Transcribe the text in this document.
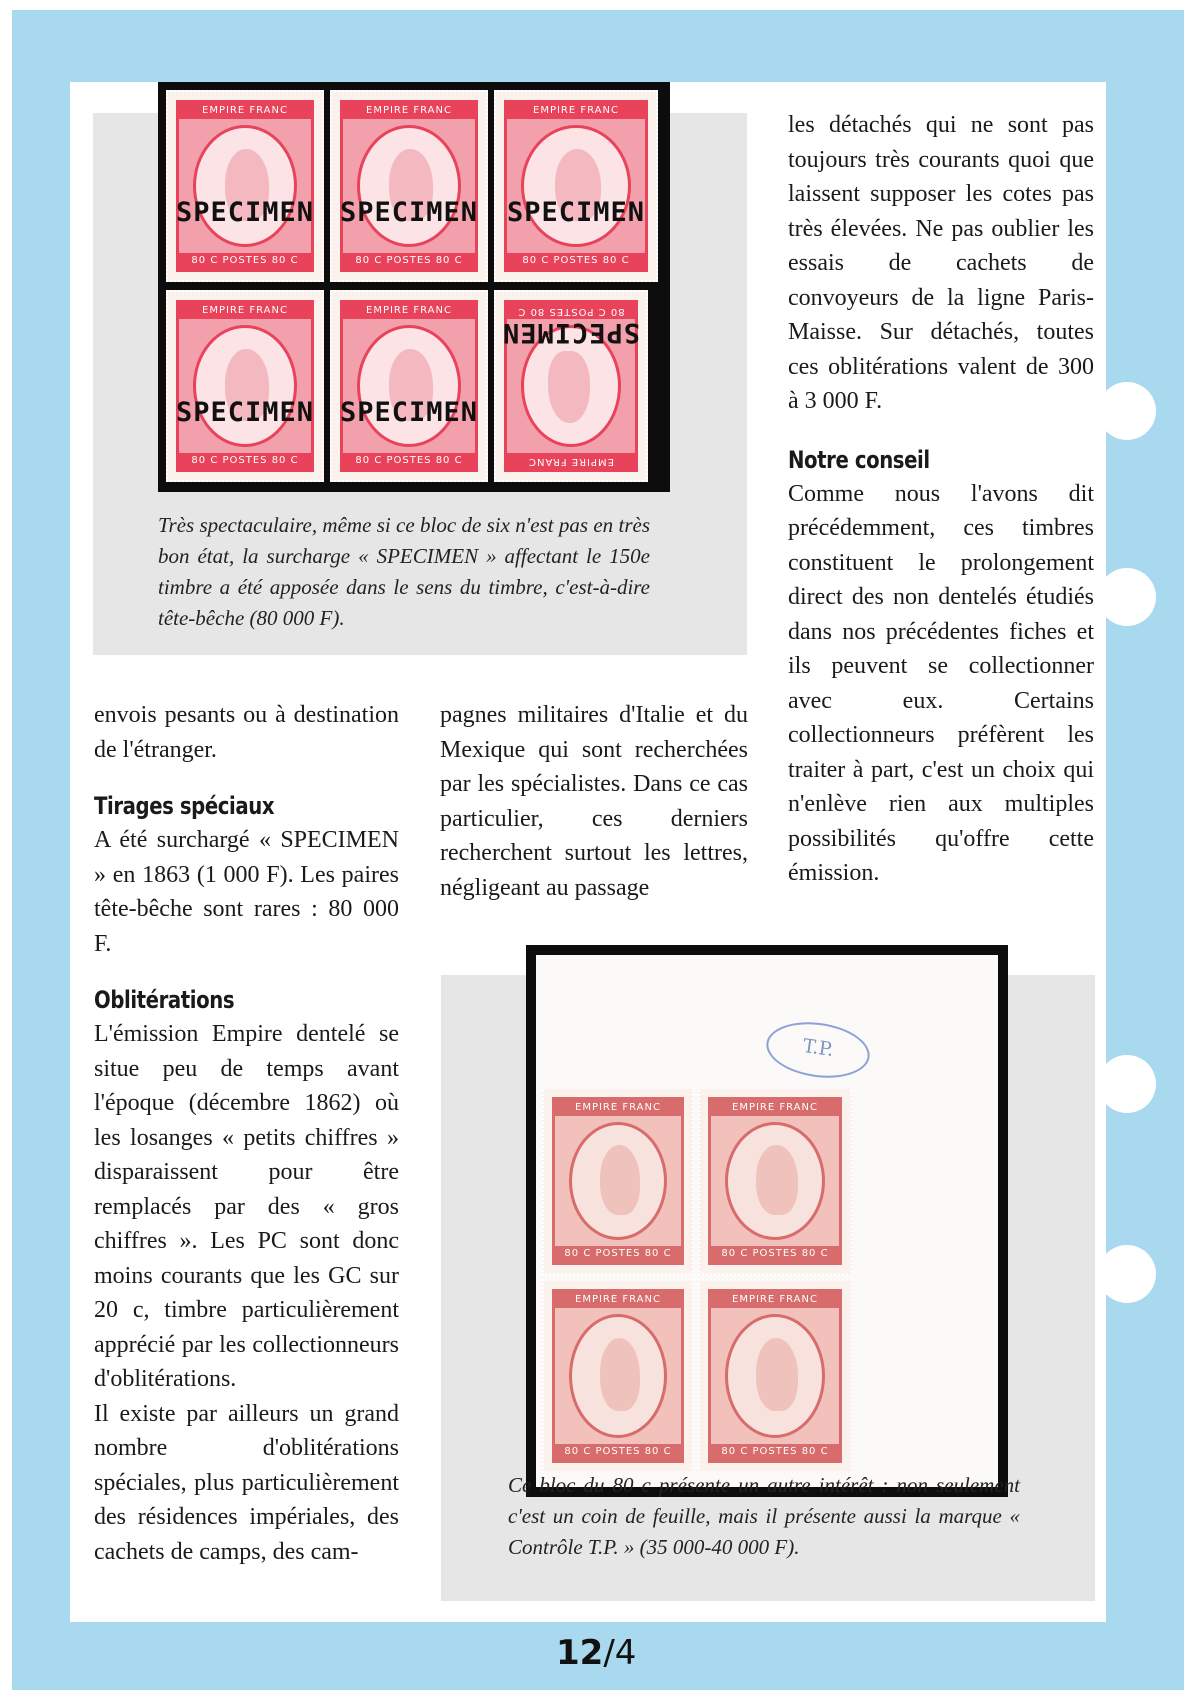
EMPIRE FRANC
80 C POSTES 80 C
SPECIMEN
EMPIRE FRANC
80 C POSTES 80 C
SPECIMEN
EMPIRE FRANC
80 C POSTES 80 C
SPECIMEN
EMPIRE FRANC
80 C POSTES 80 C
SPECIMEN
EMPIRE FRANC
80 C POSTES 80 C
SPECIMEN
EMPIRE FRANC
80 C POSTES 80 C
SPECIMEN
Très spectaculaire, même si ce bloc de six n'est pas en très bon état, la surcharge « SPECIMEN » affectant le 150e timbre a été apposée dans le sens du timbre, c'est-à-dire tête-bêche (80 000 F).

envois pesants ou à destination de l'étranger.

Tirages spéciaux

A été surchargé « SPECIMEN » en 1863 (1 000 F). Les paires tête-bêche sont rares : 80 000 F.

Oblitérations

L'émission Empire dentelé se situe peu de temps avant l'époque (décembre 1862) où les losanges « petits chiffres » disparaissent pour être remplacés par des « gros chiffres ». Les PC sont donc moins courants que les GC sur 20 c, timbre particulièrement apprécié par les collectionneurs d'oblitérations.

Il existe par ailleurs un grand nombre d'oblitérations spéciales, plus particulièrement des résidences impériales, des cachets de camps, des cam-

pagnes militaires d'Italie et du Mexique qui sont recherchées par les spécialistes. Dans ce cas particulier, ces derniers recherchent surtout les lettres, négligeant au passage

les détachés qui ne sont pas toujours très courants quoi que laissent supposer les cotes pas très élevées. Ne pas oublier les essais de cachets de convoyeurs de la ligne Paris-Maisse. Sur détachés, toutes ces oblitérations valent de 300 à 3 000 F.

Notre conseil

Comme nous l'avons dit précédemment, ces timbres constituent le prolongement direct des non dentelés étudiés dans nos précédentes fiches et ils peuvent se collectionner avec eux. Certains collectionneurs préfèrent les traiter à part, c'est un choix qui n'enlève rien aux multiples possibilités qu'offre cette émission.

T.P.
EMPIRE FRANC
80 C POSTES 80 C
EMPIRE FRANC
80 C POSTES 80 C
EMPIRE FRANC
80 C POSTES 80 C
EMPIRE FRANC
80 C POSTES 80 C
Ce bloc du 80 c présente un autre intérêt : non seulement c'est un coin de feuille, mais il présente aussi la marque « Contrôle T.P. » (35 000-40 000 F).
12/4
